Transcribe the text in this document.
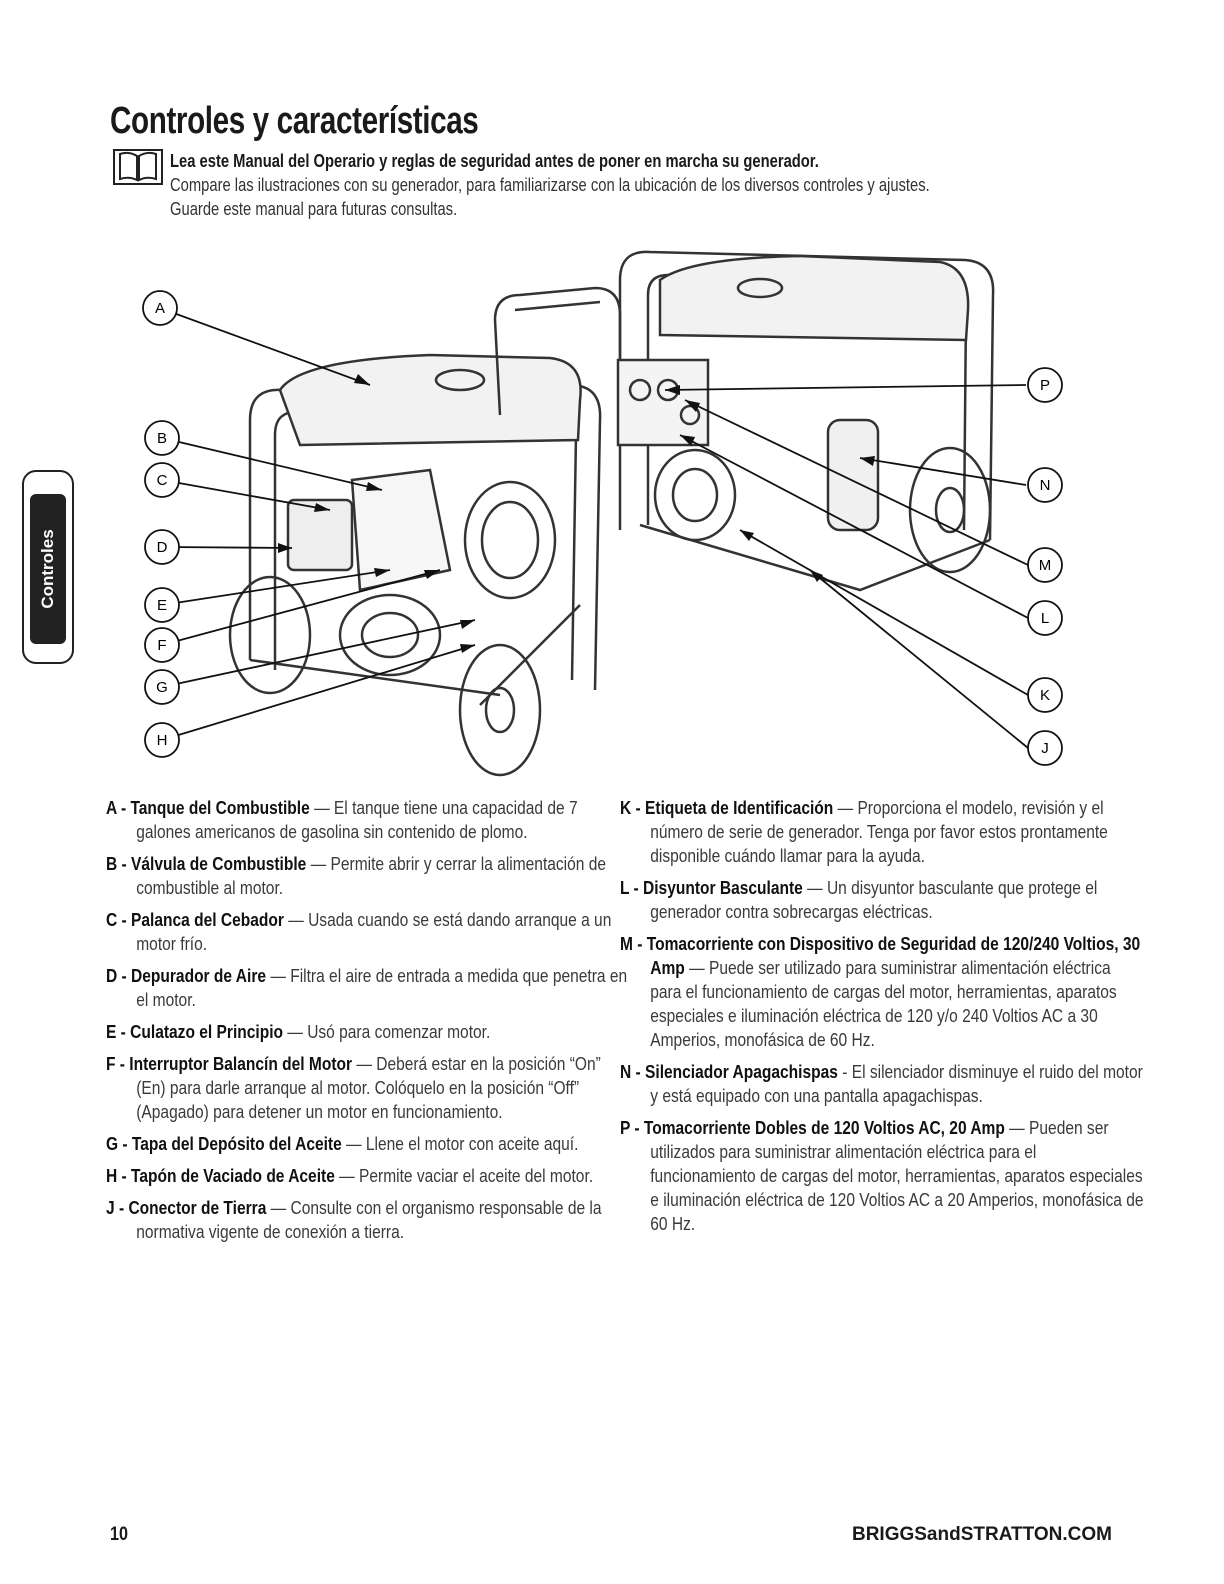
Controles y características
Lea este Manual del Operario y reglas de seguridad antes de poner en marcha su generador.
Compare las ilustraciones con su generador, para familiarizarse con la ubicación de los diversos controles y ajustes.
Guarde este manual para futuras consultas.
Controles
A
B
C
D
E
F
G
H
P
N
M
L
K
J
A - Tanque del Combustible — El tanque tiene una capacidad de 7 galones americanos de gasolina sin contenido de plomo.
B - Válvula de Combustible — Permite abrir y cerrar la alimentación de combustible al motor.
C - Palanca del Cebador — Usada cuando se está dando arranque a un motor frío.
D - Depurador de Aire — Filtra el aire de entrada a medida que penetra en el motor.
E - Culatazo el Principio — Usó para comenzar motor.
F - Interruptor Balancín del Motor — Deberá estar en la posición “On” (En) para darle arranque al motor. Colóquelo en la posición “Off” (Apagado) para detener un motor en funcionamiento.
G - Tapa del Depósito del Aceite — Llene el motor con aceite aquí.
H - Tapón de Vaciado de Aceite — Permite vaciar el aceite del motor.
J - Conector de Tierra — Consulte con el organismo responsable de la normativa vigente de conexión a tierra.
K - Etiqueta de Identificación — Proporciona el modelo, revisión y el número de serie de generador. Tenga por favor estos prontamente disponible cuándo llamar para la ayuda.
L - Disyuntor Basculante — Un disyuntor basculante que protege el generador contra sobrecargas eléctricas.
M - Tomacorriente con Dispositivo de Seguridad de 120/240 Voltios, 30 Amp — Puede ser utilizado para suministrar alimentación eléctrica para el funcionamiento de cargas del motor, herramientas, aparatos especiales e iluminación eléctrica de 120 y/o 240 Voltios AC a 30 Amperios, monofásica de 60 Hz.
N - Silenciador Apagachispas - El silenciador disminuye el ruido del motor y está equipado con una pantalla apagachispas.
P - Tomacorriente Dobles de 120 Voltios AC, 20 Amp — Pueden ser utilizados para suministrar alimentación eléctrica para el funcionamiento de cargas del motor, herramientas, aparatos especiales e iluminación eléctrica de 120 Voltios AC a 20 Amperios, monofásica de 60 Hz.
10	BRIGGSandSTRATTON.COM
